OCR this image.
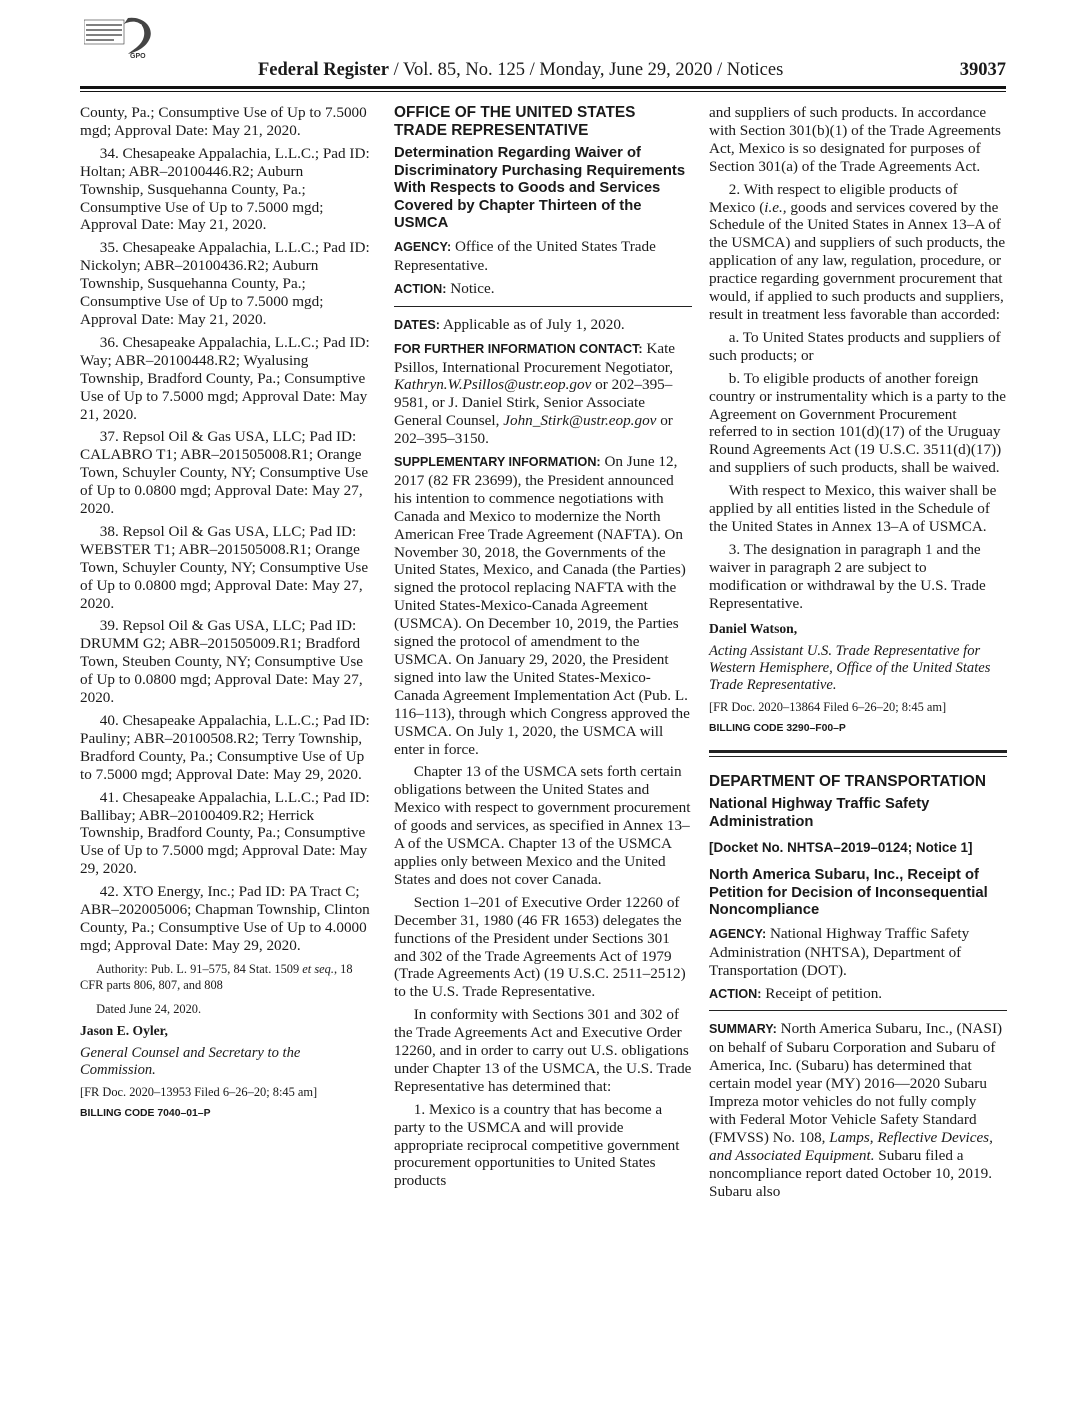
GPO
Federal Register / Vol. 85, No. 125 / Monday, June 29, 2020 / Notices	39037

County, Pa.; Consumptive Use of Up to 7.5000 mgd; Approval Date: May 21, 2020.

34. Chesapeake Appalachia, L.L.C.; Pad ID: Holtan; ABR–20100446.R2; Auburn Township, Susquehanna County, Pa.; Consumptive Use of Up to 7.5000 mgd; Approval Date: May 21, 2020.

35. Chesapeake Appalachia, L.L.C.; Pad ID: Nickolyn; ABR–20100436.R2; Auburn Township, Susquehanna County, Pa.; Consumptive Use of Up to 7.5000 mgd; Approval Date: May 21, 2020.

36. Chesapeake Appalachia, L.L.C.; Pad ID: Way; ABR–20100448.R2; Wyalusing Township, Bradford County, Pa.; Consumptive Use of Up to 7.5000 mgd; Approval Date: May 21, 2020.

37. Repsol Oil & Gas USA, LLC; Pad ID: CALABRO T1; ABR–201505008.R1; Orange Town, Schuyler County, NY; Consumptive Use of Up to 0.0800 mgd; Approval Date: May 27, 2020.

38. Repsol Oil & Gas USA, LLC; Pad ID: WEBSTER T1; ABR–201505008.R1; Orange Town, Schuyler County, NY; Consumptive Use of Up to 0.0800 mgd; Approval Date: May 27, 2020.

39. Repsol Oil & Gas USA, LLC; Pad ID: DRUMM G2; ABR–201505009.R1; Bradford Town, Steuben County, NY; Consumptive Use of Up to 0.0800 mgd; Approval Date: May 27, 2020.

40. Chesapeake Appalachia, L.L.C.; Pad ID: Pauliny; ABR–20100508.R2; Terry Township, Bradford County, Pa.; Consumptive Use of Up to 7.5000 mgd; Approval Date: May 29, 2020.

41. Chesapeake Appalachia, L.L.C.; Pad ID: Ballibay; ABR–20100409.R2; Herrick Township, Bradford County, Pa.; Consumptive Use of Up to 7.5000 mgd; Approval Date: May 29, 2020.

42. XTO Energy, Inc.; Pad ID: PA Tract C; ABR–202005006; Chapman Township, Clinton County, Pa.; Consumptive Use of Up to 4.0000 mgd; Approval Date: May 29, 2020.

Authority: Pub. L. 91–575, 84 Stat. 1509 et seq., 18 CFR parts 806, 807, and 808

Dated June 24, 2020.

Jason E. Oyler,

General Counsel and Secretary to the Commission.

[FR Doc. 2020–13953 Filed 6–26–20; 8:45 am]

BILLING CODE 7040–01–P

OFFICE OF THE UNITED STATES TRADE REPRESENTATIVE

Determination Regarding Waiver of Discriminatory Purchasing Requirements With Respects to Goods and Services Covered by Chapter Thirteen of the USMCA

AGENCY: Office of the United States Trade Representative.

ACTION: Notice.

DATES: Applicable as of July 1, 2020.

FOR FURTHER INFORMATION CONTACT: Kate Psillos, International Procurement Negotiator, Kathryn.W.Psillos@ustr.eop.gov or 202–395–9581, or J. Daniel Stirk, Senior Associate General Counsel, John_Stirk@ustr.eop.gov or 202–395–3150.

SUPPLEMENTARY INFORMATION: On June 12, 2017 (82 FR 23699), the President announced his intention to commence negotiations with Canada and Mexico to modernize the North American Free Trade Agreement (NAFTA). On November 30, 2018, the Governments of the United States, Mexico, and Canada (the Parties) signed the protocol replacing NAFTA with the United States-Mexico-Canada Agreement (USMCA). On December 10, 2019, the Parties signed the protocol of amendment to the USMCA. On January 29, 2020, the President signed into law the United States-Mexico-Canada Agreement Implementation Act (Pub. L. 116–113), through which Congress approved the USMCA. On July 1, 2020, the USMCA will enter in force.

Chapter 13 of the USMCA sets forth certain obligations between the United States and Mexico with respect to government procurement of goods and services, as specified in Annex 13–A of the USMCA. Chapter 13 of the USMCA applies only between Mexico and the United States and does not cover Canada.

Section 1–201 of Executive Order 12260 of December 31, 1980 (46 FR 1653) delegates the functions of the President under Sections 301 and 302 of the Trade Agreements Act of 1979 (Trade Agreements Act) (19 U.S.C. 2511–2512) to the U.S. Trade Representative.

In conformity with Sections 301 and 302 of the Trade Agreements Act and Executive Order 12260, and in order to carry out U.S. obligations under Chapter 13 of the USMCA, the U.S. Trade Representative has determined that:

1. Mexico is a country that has become a party to the USMCA and will provide appropriate reciprocal competitive government procurement opportunities to United States products

and suppliers of such products. In accordance with Section 301(b)(1) of the Trade Agreements Act, Mexico is so designated for purposes of Section 301(a) of the Trade Agreements Act.

2. With respect to eligible products of Mexico (i.e., goods and services covered by the Schedule of the United States in Annex 13–A of the USMCA) and suppliers of such products, the application of any law, regulation, procedure, or practice regarding government procurement that would, if applied to such products and suppliers, result in treatment less favorable than accorded:

a. To United States products and suppliers of such products; or

b. To eligible products of another foreign country or instrumentality which is a party to the Agreement on Government Procurement referred to in section 101(d)(17) of the Uruguay Round Agreements Act (19 U.S.C. 3511(d)(17)) and suppliers of such products, shall be waived.

With respect to Mexico, this waiver shall be applied by all entities listed in the Schedule of the United States in Annex 13–A of USMCA.

3. The designation in paragraph 1 and the waiver in paragraph 2 are subject to modification or withdrawal by the U.S. Trade Representative.

Daniel Watson,

Acting Assistant U.S. Trade Representative for Western Hemisphere, Office of the United States Trade Representative.

[FR Doc. 2020–13864 Filed 6–26–20; 8:45 am]

BILLING CODE 3290–F00–P

DEPARTMENT OF TRANSPORTATION

National Highway Traffic Safety Administration

[Docket No. NHTSA–2019–0124; Notice 1]

North America Subaru, Inc., Receipt of Petition for Decision of Inconsequential Noncompliance

AGENCY: National Highway Traffic Safety Administration (NHTSA), Department of Transportation (DOT).

ACTION: Receipt of petition.

SUMMARY: North America Subaru, Inc., (NASI) on behalf of Subaru Corporation and Subaru of America, Inc. (Subaru) has determined that certain model year (MY) 2016—2020 Subaru Impreza motor vehicles do not fully comply with Federal Motor Vehicle Safety Standard (FMVSS) No. 108, Lamps, Reflective Devices, and Associated Equipment. Subaru filed a noncompliance report dated October 10, 2019. Subaru also
